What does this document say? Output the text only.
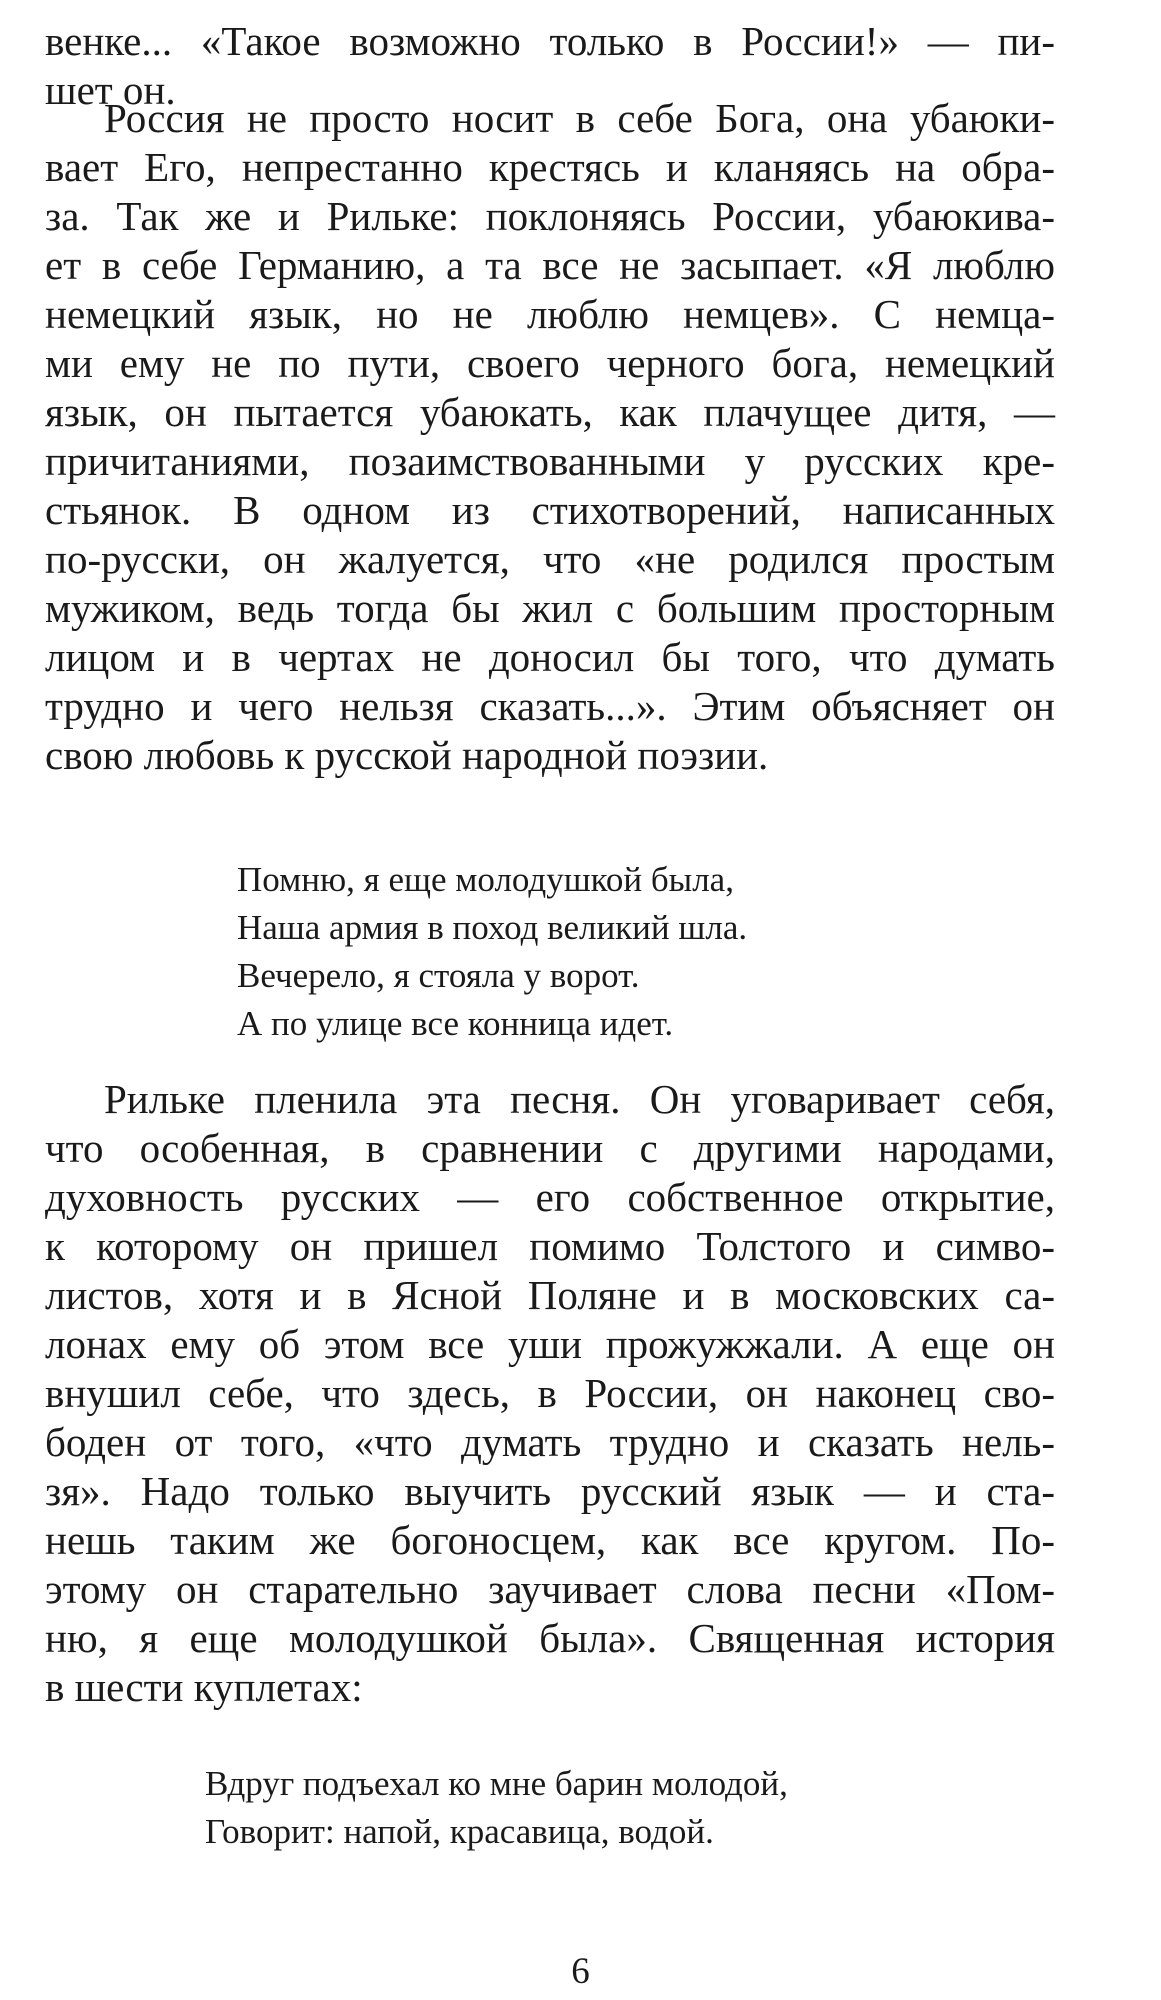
венке... «Такое возможно только в России!» — пи-
шет он.
Россия не просто носит в себе Бога, она убаюки-
вает Его, непрестанно крестясь и кланяясь на обра-
за. Так же и Рильке: поклоняясь России, убаюкива-
ет в себе Германию, а та все не засыпает. «Я люблю
немецкий язык, но не люблю немцев». С немца-
ми ему не по пути, своего черного бога, немецкий
язык, он пытается убаюкать, как плачущее дитя, —
причитаниями, позаимствованными у русских кре-
стьянок. В одном из стихотворений, написанных
по-русски, он жалуется, что «не родился простым
мужиком, ведь тогда бы жил с большим просторным
лицом и в чертах не доносил бы того, что думать
трудно и чего нельзя сказать...». Этим объясняет он
свою любовь к русской народной поэзии.
Помню, я еще молодушкой была,
Наша армия в поход великий шла.
Вечерело, я стояла у ворот.
А по улице все конница идет.
Рильке пленила эта песня. Он уговаривает себя,
что особенная, в сравнении с другими народами,
духовность русских — его собственное открытие,
к которому он пришел помимо Толстого и симво-
листов, хотя и в Ясной Поляне и в московских са-
лонах ему об этом все уши прожужжали. А еще он
внушил себе, что здесь, в России, он наконец сво-
боден от того, «что думать трудно и сказать нель-
зя». Надо только выучить русский язык — и ста-
нешь таким же богоносцем, как все кругом. По-
этому он старательно заучивает слова песни «Пом-
ню, я еще молодушкой была». Священная история
в шести куплетах:
Вдруг подъехал ко мне барин молодой,
Говорит: напой, красавица, водой.
6
